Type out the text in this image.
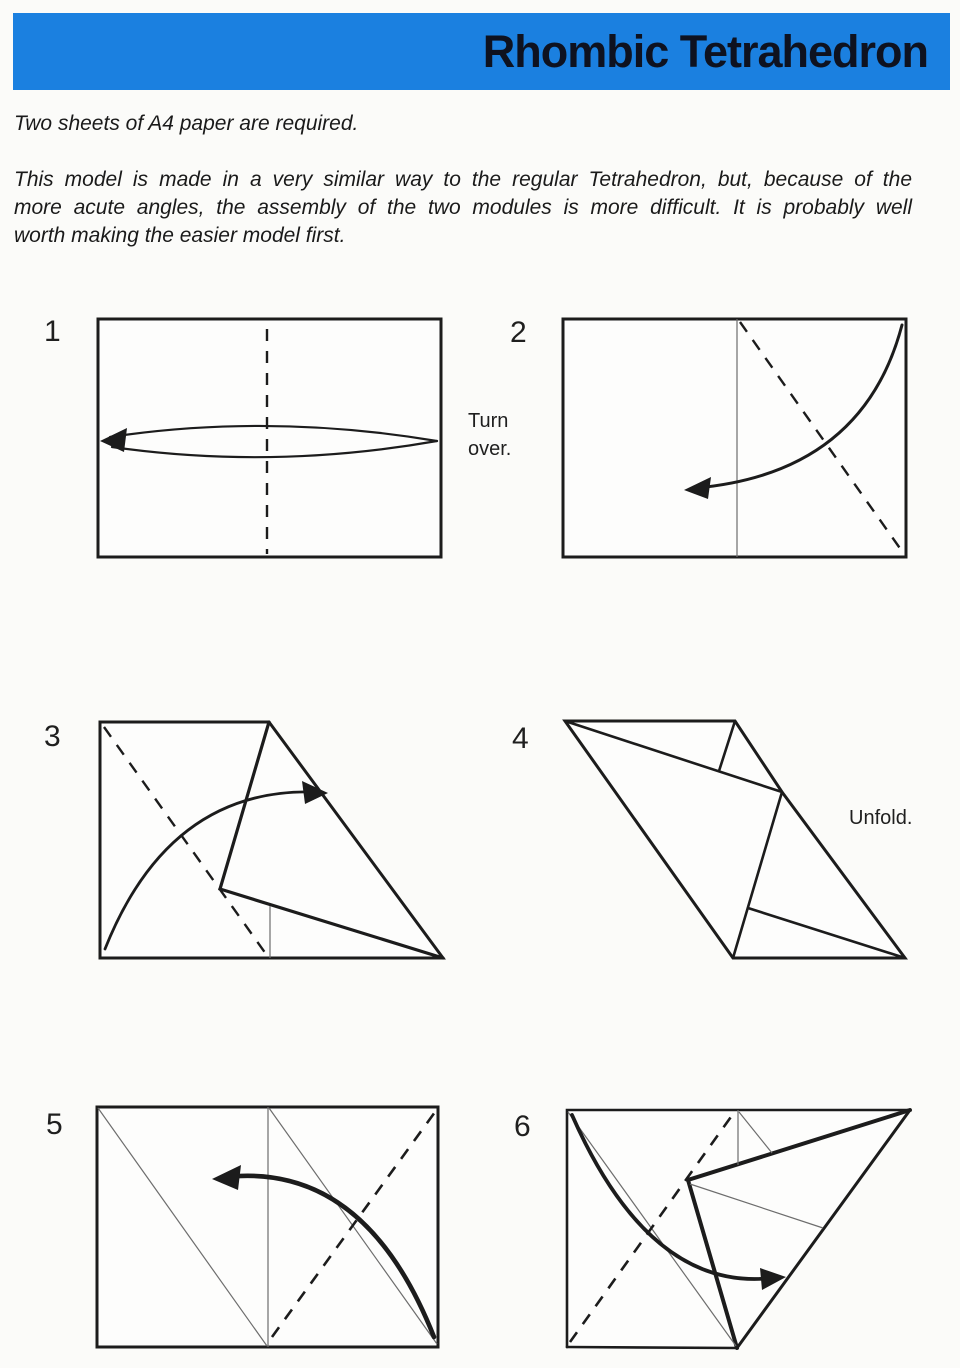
Rhombic Tetrahedron
Two sheets of A4 paper are required.
This model is made in a very similar way to the regular Tetrahedron, but, because of the
more acute angles, the assembly of the two modules is more difficult. It is probably well
worth making the easier model first.
1	2
3	4
5	6
Turn
over.
Unfold.
